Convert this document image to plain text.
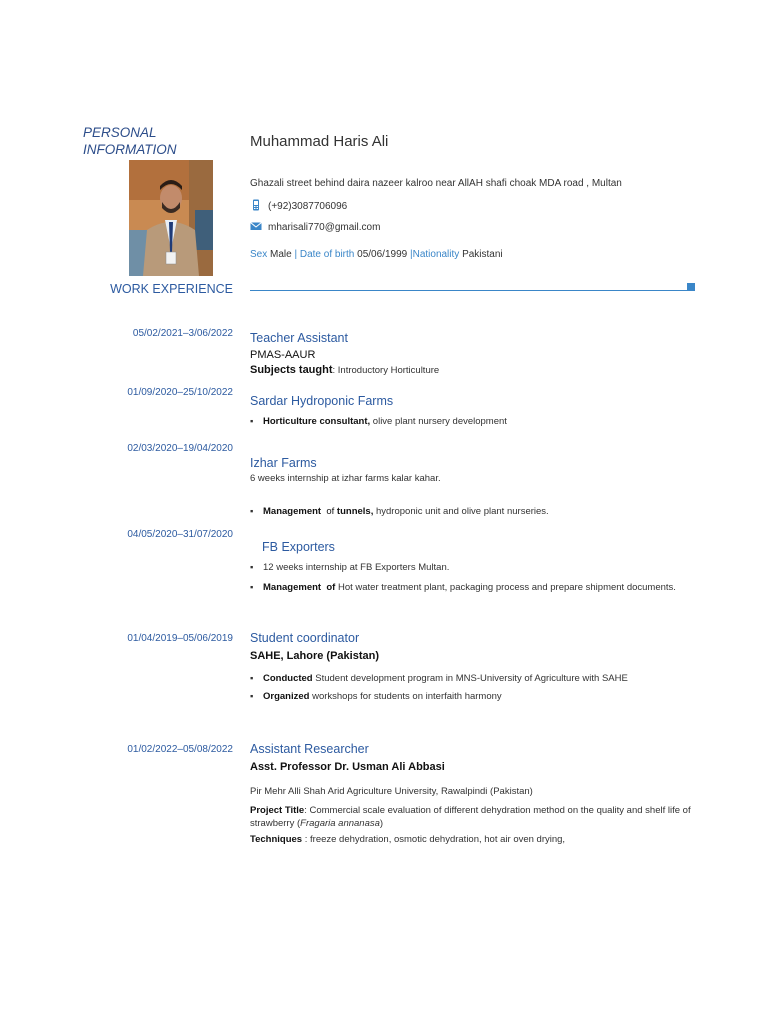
PERSONAL INFORMATION	Muhammad Haris Ali
Ghazali street behind daira nazeer kalroo near AllAH shafi choak MDA road , Multan
(+92)3087706096
mharisali770@gmail.com
Sex Male | Date of birth 05/06/1999 |Nationality Pakistani
WORK EXPERIENCE
05/02/2021–3/06/2022 Teacher Assistant
PMAS-AAUR
Subjects taught: Introductory Horticulture
01/09/2020–25/10/2022
Sardar Hydroponic Farms
▪ Horticulture consultant, olive plant nursery development
02/03/2020–19/04/2020
Izhar Farms
6 weeks internship at izhar farms kalar kahar.
▪ Management  of tunnels, hydroponic unit and olive plant nurseries.
04/05/2020–31/07/2020
FB Exporters
▪ 12 weeks internship at FB Exporters Multan.
▪ Management  of Hot water treatment plant, packaging process and prepare shipment documents.
01/04/2019–05/06/2019 Student coordinator
SAHE, Lahore (Pakistan)
▪ Conducted Student development program in MNS-University of Agriculture with SAHE
▪ Organized workshops for students on interfaith harmony
01/02/2022–05/08/2022 Assistant Researcher
Asst. Professor Dr. Usman Ali Abbasi
Pir Mehr Alli Shah Arid Agriculture University, Rawalpindi (Pakistan)
Project Title: Commercial scale evaluation of different dehydration method on the quality and shelf life of strawberry (Fragaria annanasa)
Techniques : freeze dehydration, osmotic dehydration, hot air oven drying,
